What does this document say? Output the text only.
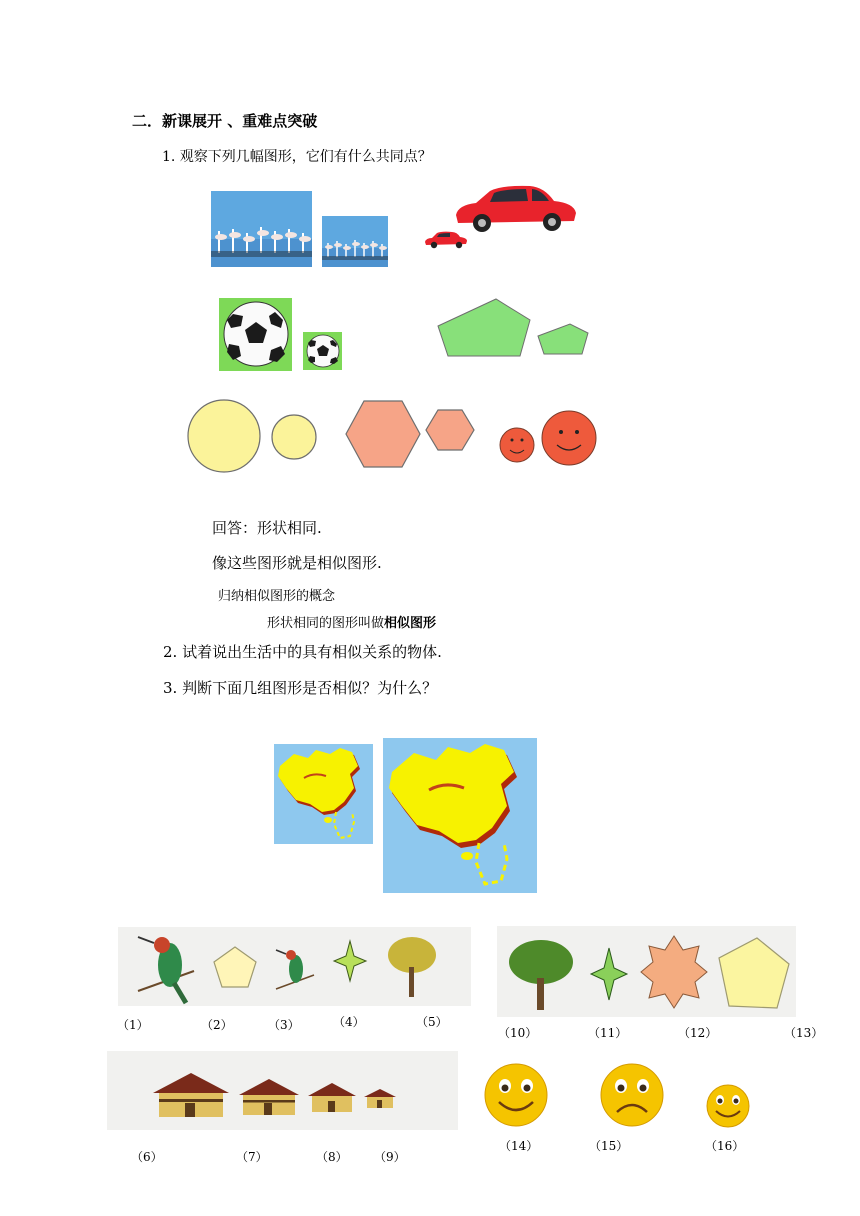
二．新课展开 、重难点突破
1. 观察下列几幅图形，它们有什么共同点？
回答：形状相同.
像这些图形就是相似图形.
归纳相似图形的概念
形状相同的图形叫做相似图形
2. 试着说出生活中的具有相似关系的物体.
3. 判断下面几组图形是否相似？为什么？
（1）	（2）	（3）	（4）	（5）
（10）	（11）	（12）	（13）
（6）	（7）	（8） （9）
（14）	（15）	（16）
